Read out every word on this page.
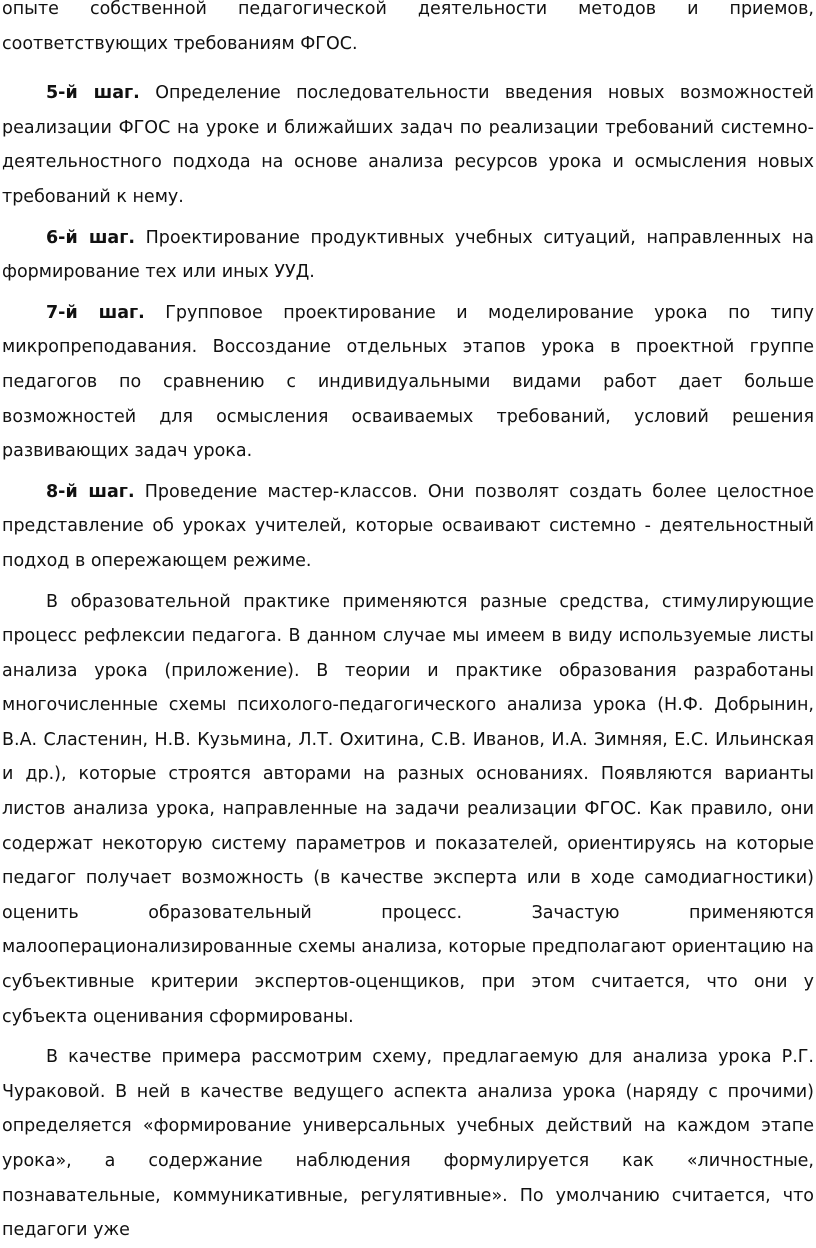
опыте собственной педагогической деятельности методов и приемов, соответствующих требованиям ФГОС.

5-й шаг. Определение последовательности введения новых возможностей реализации ФГОС на уроке и ближайших задач по реализации требований системно-деятельностного подхода на основе анализа ресурсов урока и осмысления новых требований к нему.

6-й шаг. Проектирование продуктивных учебных ситуаций, направленных на формирование тех или иных УУД.

7-й шаг. Групповое проектирование и моделирование урока по типу микропреподавания. Воссоздание отдельных этапов урока в проектной группе педагогов по сравнению с индивидуальными видами работ дает больше возможностей для осмысления осваиваемых требований, условий решения развивающих задач урока.

8-й шаг. Проведение мастер-классов. Они позволят создать более целостное представление об уроках учителей, которые осваивают системно - деятельностный подход в опережающем режиме.

В образовательной практике применяются разные средства, стимулирующие процесс рефлексии педагога. В данном случае мы имеем в виду используемые листы анализа урока (приложение). В теории и практике образования разработаны многочисленные схемы психолого-педагогического анализа урока (Н.Ф. Добрынин, В.А. Сластенин, Н.В. Кузьмина, Л.Т. Охитина, С.В. Иванов, И.А. Зимняя, Е.С. Ильинская и др.), которые строятся авторами на разных основаниях. Появляются варианты листов анализа урока, направленные на задачи реализации ФГОС. Как правило, они содержат некоторую систему параметров и показателей, ориентируясь на которые педагог получает возможность (в качестве эксперта или в ходе самодиагностики) оценить образовательный процесс. Зачастую применяются малооперационализированные схемы анализа, которые предполагают ориентацию на субъективные критерии экспертов-оценщиков, при этом считается, что они у субъекта оценивания сформированы.

В качестве примера рассмотрим схему, предлагаемую для анализа урока Р.Г. Чураковой. В ней в качестве ведущего аспекта анализа урока (наряду с прочими) определяется «формирование универсальных учебных действий на каждом этапе урока», а содержание наблюдения формулируется как «личностные, познавательные, коммуникативные, регулятивные». По умолчанию считается, что педагоги уже
